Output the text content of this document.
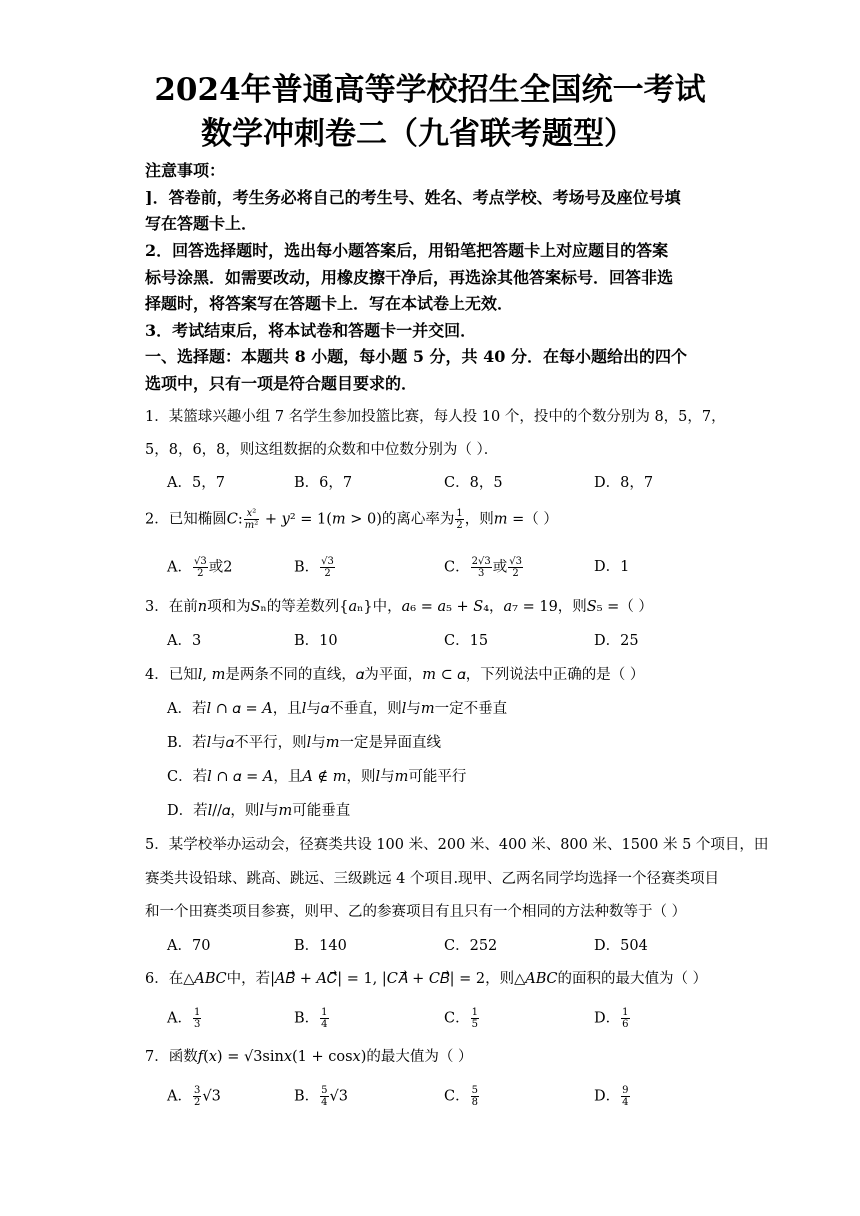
2024年普通高等学校招生全国统一考试
数学冲刺卷二（九省联考题型）
注意事项：
]．答卷前，考生务必将自己的考生号、姓名、考点学校、考场号及座位号填
写在答题卡上．
2．回答选择题时，选出每小题答案后，用铅笔把答题卡上对应题目的答案
标号涂黑．如需要改动，用橡皮擦干净后，再选涂其他答案标号．回答非选
择题时，将答案写在答题卡上．写在本试卷上无效．
3．考试结束后，将本试卷和答题卡一并交回．
一、选择题：本题共 8 小题，每小题 5 分，共 40 分．在每小题给出的四个
选项中，只有一项是符合题目要求的．
1．某篮球兴趣小组 7 名学生参加投篮比赛，每人投 10 个，投中的个数分别为 8，5，7，
5，8，6，8，则这组数据的众数和中位数分别为（ ）．
A．5，7	B．6，7	C．8，5	D．8，7
2．已知椭圆C: $\frac{\text{x²}}{\text{m²}} + y^2 = 1(m > 0)$的离心率为 $\frac{1}{2}$ ，则𝑚 =（ ）
A． $\frac{√3}{2}$ 或2	B． $\frac{√3}{2}$	C． $\frac{2√3}{3}$ 或 $\frac{√3}{2}$	D．1
3．在前𝑛项和为𝑆ₙ的等差数列{𝑎ₙ}中，𝑎₆ = 𝑎₅ + 𝑆₄，𝑎₇ = 19，则𝑆₅ =（ ）
A．3	B．10	C．15	D．25
4．已知𝑙, 𝑚是两条不同的直线，𝛼为平面，𝑚 ⊂ 𝛼，下列说法中正确的是（ ）
A．若𝑙 ∩ 𝛼 = 𝐴，且𝑙与𝛼不垂直，则𝑙与𝑚一定不垂直
B．若𝑙与𝛼不平行，则𝑙与𝑚一定是异面直线
C．若𝑙 ∩ 𝛼 = 𝐴，且𝐴 ∉ 𝑚，则𝑙与𝑚可能平行
D．若𝑙//𝛼，则𝑙与𝑚可能垂直
5．某学校举办运动会，径赛类共设 100 米、200 米、400 米、800 米、1500 米 5 个项目，田
赛类共设铅球、跳高、跳远、三级跳远 4 个项目.现甲、乙两名同学均选择一个径赛类项目
和一个田赛类项目参赛，则甲、乙的参赛项目有且只有一个相同的方法种数等于（ ）
A．70	B．140	C．252	D．504
6．在△𝐴𝐵𝐶中，若|𝐴𝐵⃗ + 𝐴𝐶⃗| = 1, |𝐶𝐴⃗ + 𝐶𝐵⃗| = 2，则△𝐴𝐵𝐶的面积的最大值为（ ）
A． $\frac{1}{3}$	B． $\frac{1}{4}$	C． $\frac{1}{5}$	D． $\frac{1}{6}$
7．函数𝑓(𝑥) = √3sin𝑥(1 + cos𝑥)的最大值为（ ）
A． $\frac{3}{2} √3$	B． $\frac{5}{4} √3$	C． $\frac{5}{8}$	D． $\frac{9}{4}$
